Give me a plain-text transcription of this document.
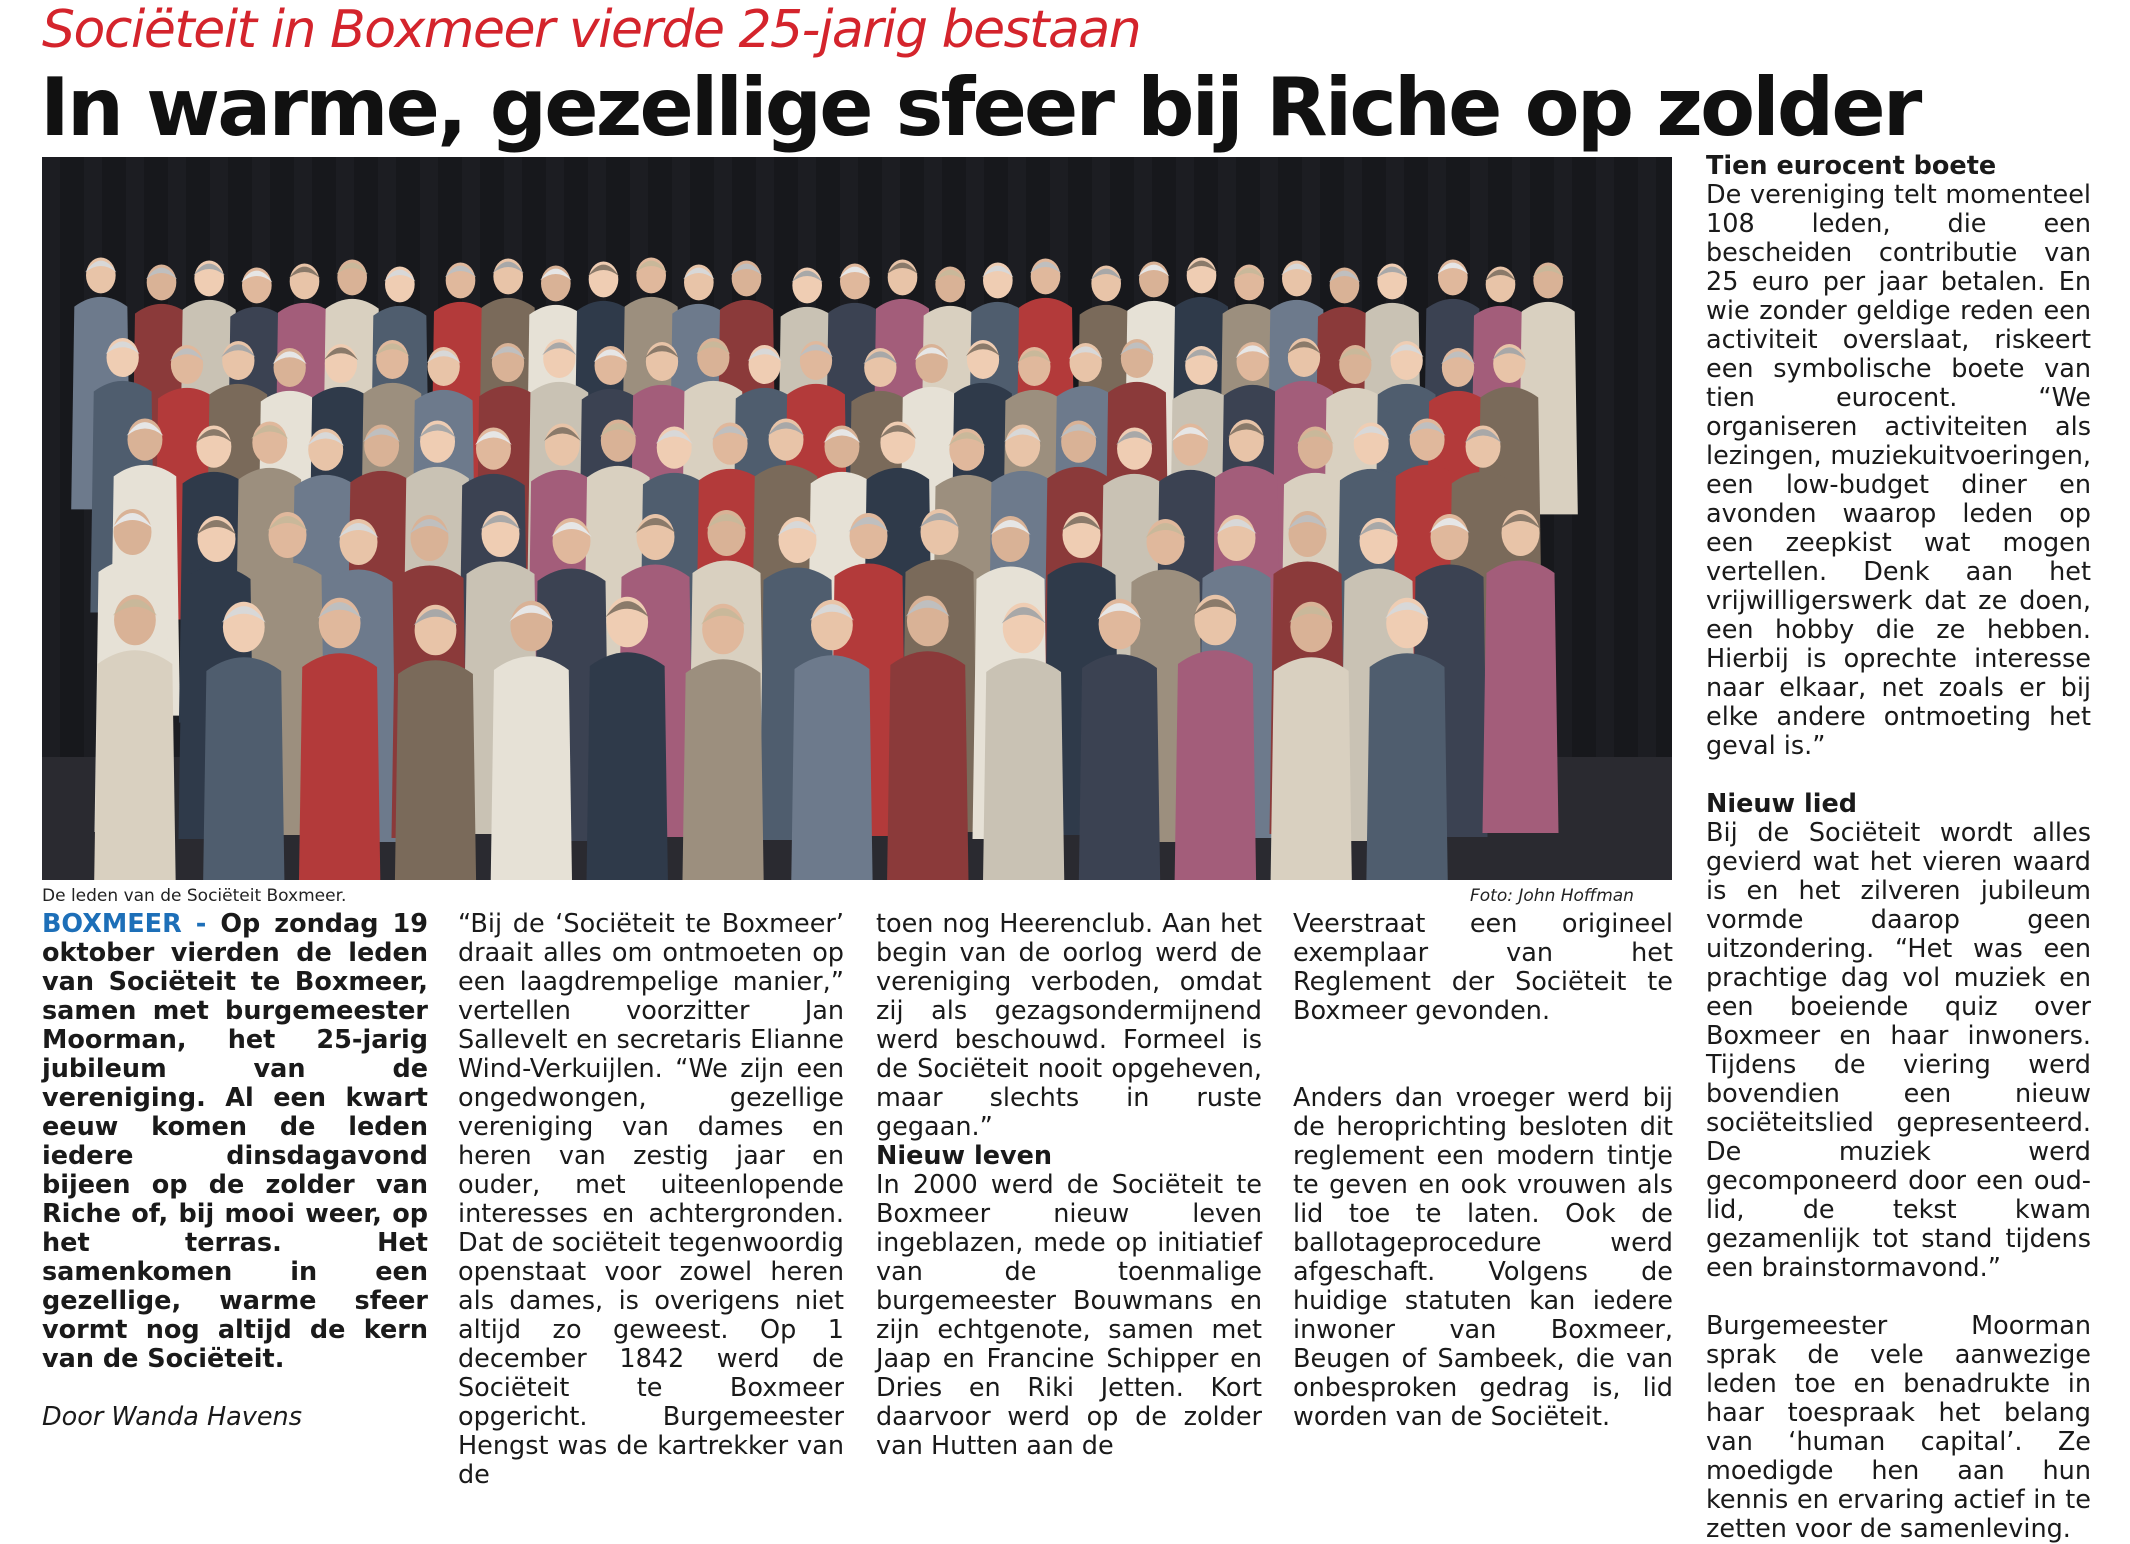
Sociëteit in Boxmeer vierde 25-jarig bestaan
In warme, gezellige sfeer bij Riche op zolder
De leden van de Sociëteit Boxmeer.	Foto: John Hoffman

BOXMEER - Op zondag 19 oktober vierden de leden van Sociëteit te Boxmeer, samen met burgemeester Moorman, het 25-jarig jubileum van de vereniging. Al een kwart eeuw komen de leden iedere dinsdagavond bijeen op de zolder van Riche of, bij mooi weer, op het terras. Het samenkomen in een gezellige, warme sfeer vormt nog altijd de kern van de Sociëteit.

Door Wanda Havens

“Bij de ‘Sociëteit te Boxmeer’ draait alles om ontmoeten op een laagdrempelige manier,” vertellen voorzitter Jan Sallevelt en secretaris Elianne Wind-Verkuijlen. “We zijn een ongedwongen, gezellige vereniging van dames en heren van zestig jaar en ouder, met uiteenlopende interesses en achtergronden. Dat de sociëteit tegenwoordig openstaat voor zowel heren als dames, is overigens niet altijd zo geweest. Op 1 december 1842 werd de Sociëteit te Boxmeer opgericht. Burgemeester Hengst was de kartrekker van de

toen nog Heerenclub. Aan het begin van de oorlog werd de vereniging verboden, omdat zij als gezagsondermijnend werd beschouwd. Formeel is de Sociëteit nooit opgeheven, maar slechts in ruste gegaan.”

Nieuw leven

In 2000 werd de Sociëteit te Boxmeer nieuw leven ingeblazen, mede op initiatief van de toenmalige burgemeester Bouwmans en zijn echtgenote, samen met Jaap en Francine Schipper en Dries en Riki Jetten. Kort daarvoor werd op de zolder van Hutten aan de

Veerstraat een origineel exemplaar van het Reglement der Sociëteit te Boxmeer gevonden.

Anders dan vroeger werd bij de heroprichting besloten dit reglement een modern tintje te geven en ook vrouwen als lid toe te laten. Ook de ballotageprocedure werd afgeschaft. Volgens de huidige statuten kan iedere inwoner van Boxmeer, Beugen of Sambeek, die van onbesproken gedrag is, lid worden van de Sociëteit.

Tien eurocent boete

De vereniging telt momenteel 108 leden, die een bescheiden contributie van 25 euro per jaar betalen. En wie zonder geldige reden een activiteit overslaat, riskeert een symbolische boete van tien eurocent. “We organiseren activiteiten als lezingen, muziekuitvoeringen, een low-budget diner en avonden waarop leden op een zeepkist wat mogen vertellen. Denk aan het vrijwilligerswerk dat ze doen, een hobby die ze hebben. Hierbij is oprechte interesse naar elkaar, net zoals er bij elke andere ontmoeting het geval is.”

Nieuw lied

Bij de Sociëteit wordt alles gevierd wat het vieren waard is en het zilveren jubileum vormde daarop geen uitzondering. “Het was een prachtige dag vol muziek en een boeiende quiz over Boxmeer en haar inwoners. Tijdens de viering werd bovendien een nieuw sociëteitslied gepresenteerd. De muziek werd gecomponeerd door een oud-lid, de tekst kwam gezamenlijk tot stand tijdens een brainstormavond.”

Burgemeester Moorman sprak de vele aanwezige leden toe en benadrukte in haar toespraak het belang van ‘human capital’. Ze moedigde hen aan hun kennis en ervaring actief in te zetten voor de samenleving.
